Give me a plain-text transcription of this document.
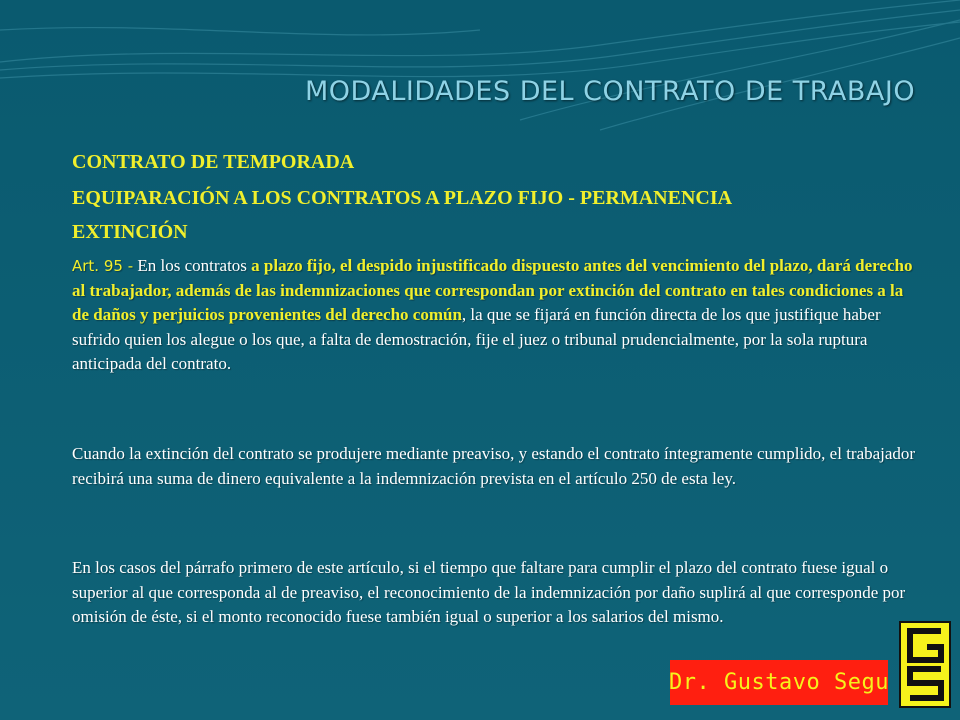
MODALIDADES DEL CONTRATO DE TRABAJO
CONTRATO DE TEMPORADA
EQUIPARACIÓN A LOS CONTRATOS A PLAZO FIJO - PERMANENCIA
EXTINCIÓN
Art. 95 - En los contratos a plazo fijo, el despido injustificado dispuesto antes del vencimiento del plazo, dará derecho al trabajador, además de las indemnizaciones que correspondan por extinción del contrato en tales condiciones a la de daños y perjuicios provenientes del derecho común, la que se fijará en función directa de los que justifique haber sufrido quien los alegue o los que, a falta de demostración, fije el juez o tribunal prudencialmente, por la sola ruptura anticipada del contrato.
Cuando la extinción del contrato se produjere mediante preaviso, y estando el contrato íntegramente cumplido, el trabajador recibirá una suma de dinero equivalente a la indemnización prevista en el artículo 250 de esta ley.
En los casos del párrafo primero de este artículo, si el tiempo que faltare para cumplir el plazo del contrato fuese igual o superior al que corresponda al de preaviso, el reconocimiento de la indemnización por daño suplirá al que corresponde por omisión de éste, si el monto reconocido fuese también igual o superior a los salarios del mismo.
Dr. Gustavo Segu
